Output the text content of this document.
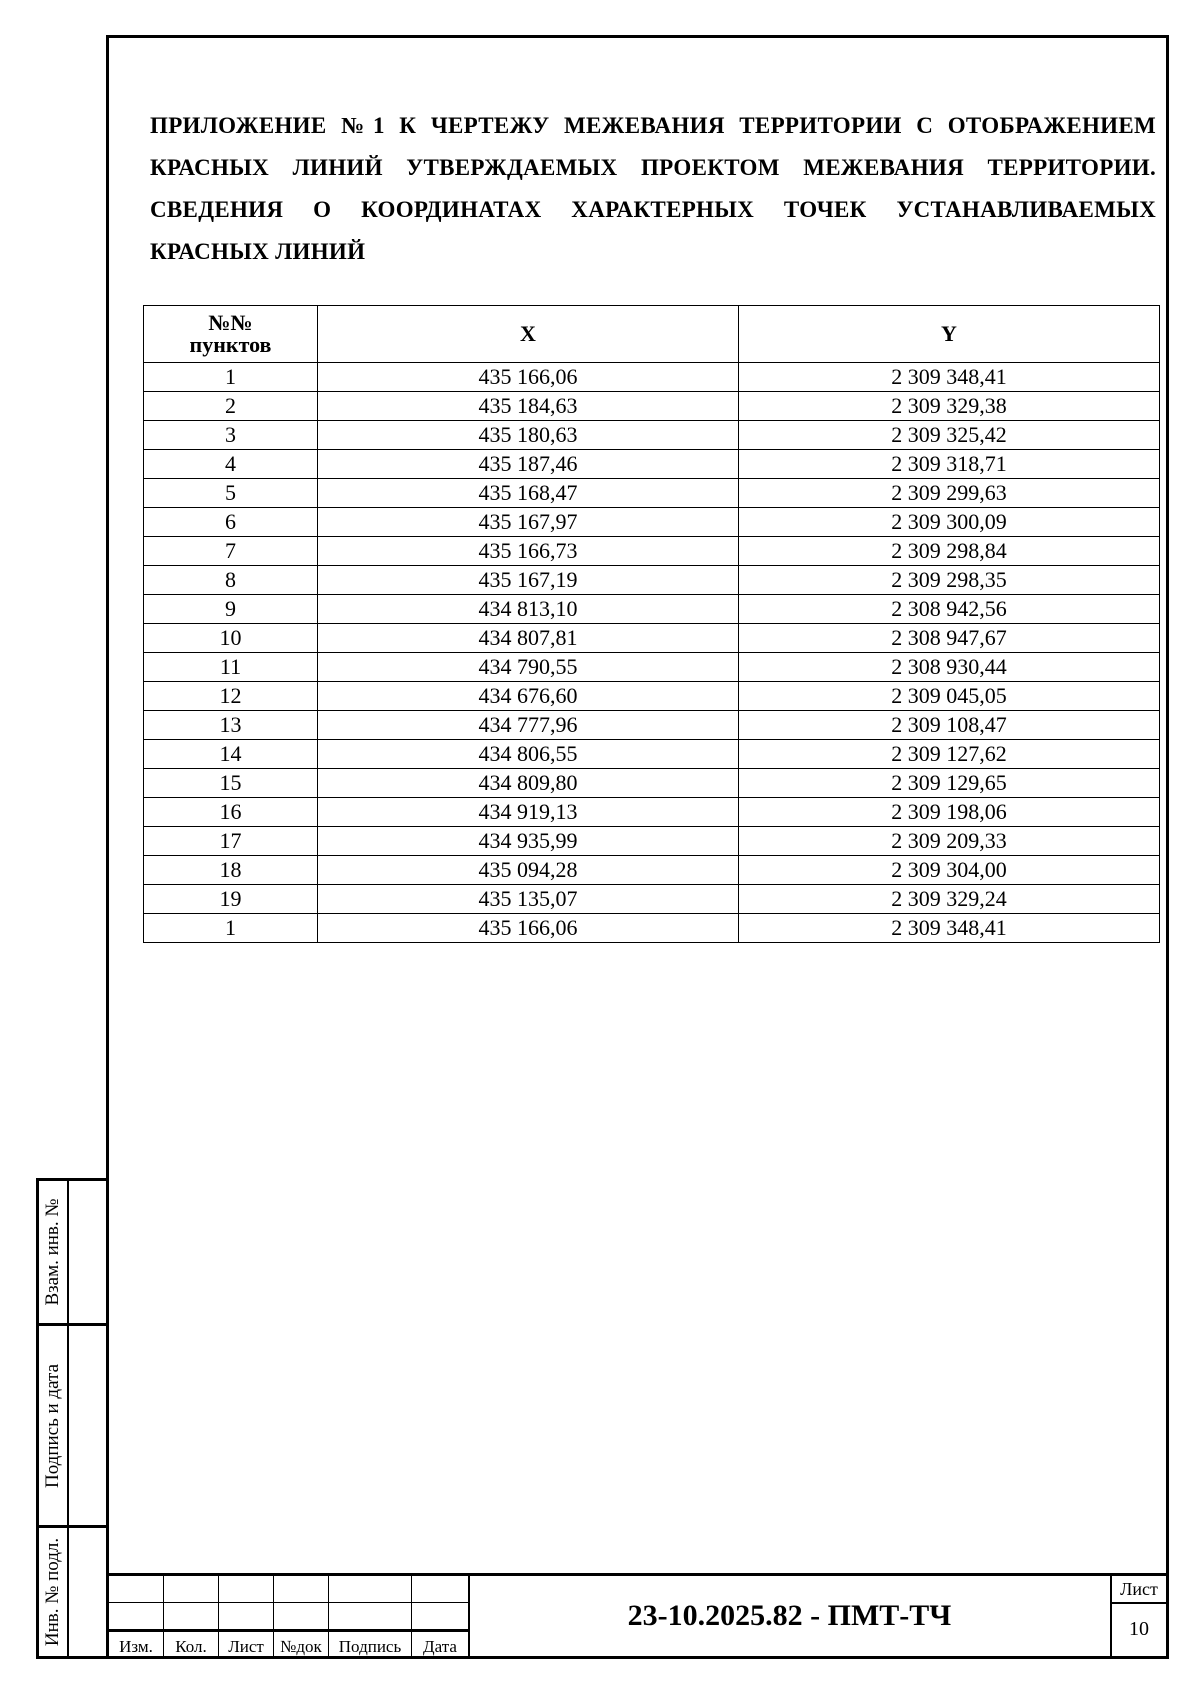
ПРИЛОЖЕНИЕ №1 К ЧЕРТЕЖУ МЕЖЕВАНИЯ ТЕРРИТОРИИ С ОТОБРАЖЕНИЕМ КРАСНЫХ ЛИНИЙ УТВЕРЖДАЕМЫХ ПРОЕКТОМ МЕЖЕВАНИЯ ТЕРРИТОРИИ. СВЕДЕНИЯ О КООРДИНАТАХ ХАРАКТЕРНЫХ ТОЧЕК УСТАНАВЛИВАЕМЫХ КРАСНЫХ ЛИНИЙ
№№
пунктов	X	Y
1	435 166,06	2 309 348,41
2	435 184,63	2 309 329,38
3	435 180,63	2 309 325,42
4	435 187,46	2 309 318,71
5	435 168,47	2 309 299,63
6	435 167,97	2 309 300,09
7	435 166,73	2 309 298,84
8	435 167,19	2 309 298,35
9	434 813,10	2 308 942,56
10	434 807,81	2 308 947,67
11	434 790,55	2 308 930,44
12	434 676,60	2 309 045,05
13	434 777,96	2 309 108,47
14	434 806,55	2 309 127,62
15	434 809,80	2 309 129,65
16	434 919,13	2 309 198,06
17	434 935,99	2 309 209,33
18	435 094,28	2 309 304,00
19	435 135,07	2 309 329,24
1	435 166,06	2 309 348,41
Взам. инв. №
Подпись и дата
Инв. № подл.
Изм.	Кол.	Лист №док Подпись	Дата
23-10.2025.82 - ПМТ-ТЧ
Лист
10
